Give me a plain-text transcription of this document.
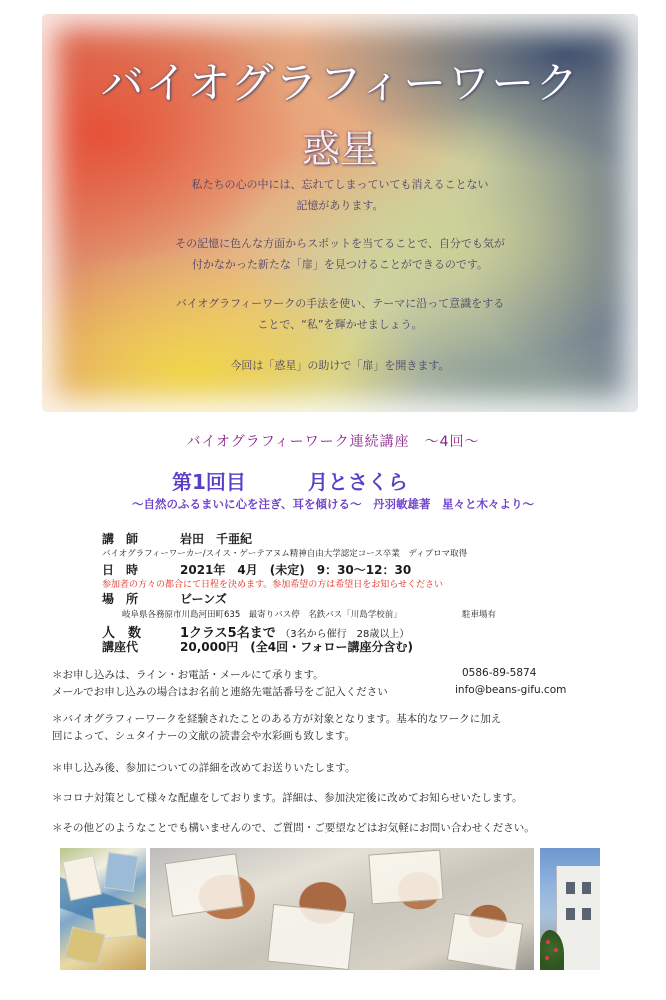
バイオグラフィーワーク
惑星

私たちの心の中には、忘れてしまっていても消えることない
記憶があります。

その記憶に色んな方面からスポットを当てることで、自分でも気が
付かなかった新たな「扉」を見つけることができるのです。

バイオグラフィーワークの手法を使い、テーマに沿って意識をする
ことで、“私”を輝かせましょう。

今回は「惑星」の助けで「扉」を開きます。

バイオグラフィーワーク連続講座　～4回～
第1回目	月とさくら
～自然のふるまいに心を注ぎ、耳を傾ける～　丹羽敏雄著　星々と木々より～
講　師	岩田　千亜紀
バイオグラフィーワーカー/スイス・ゲーテアヌム精神自由大学認定コース卒業　ディプロマ取得
日　時	2021年　4月　(未定)　9：30～12：30
参加者の方々の都合にて日程を決めます。参加希望の方は希望日をお知らせください
場　所	ビーンズ
岐阜県各務原市川島河田町635　最寄りバス停　名鉄バス「川島学校前」	駐車場有
人　数	1クラス5名まで （3名から催行　28歳以上）
講座代	20,000円　(全4回・フォロー講座分含む)
＊お申し込みは、ライン・お電話・メールにて承ります。	0586-89-5874
メールでお申し込みの場合はお名前と連絡先電話番号をご記入ください	info@beans-gifu.com
＊バイオグラフィーワークを経験されたことのある方が対象となります。基本的なワークに加え
回によって、シュタイナーの文献の読書会や水彩画も致します。
＊申し込み後、参加についての詳細を改めてお送りいたします。
＊コロナ対策として様々な配慮をしております。詳細は、参加決定後に改めてお知らせいたします。
＊その他どのようなことでも構いませんので、ご質問・ご要望などはお気軽にお問い合わせください。
